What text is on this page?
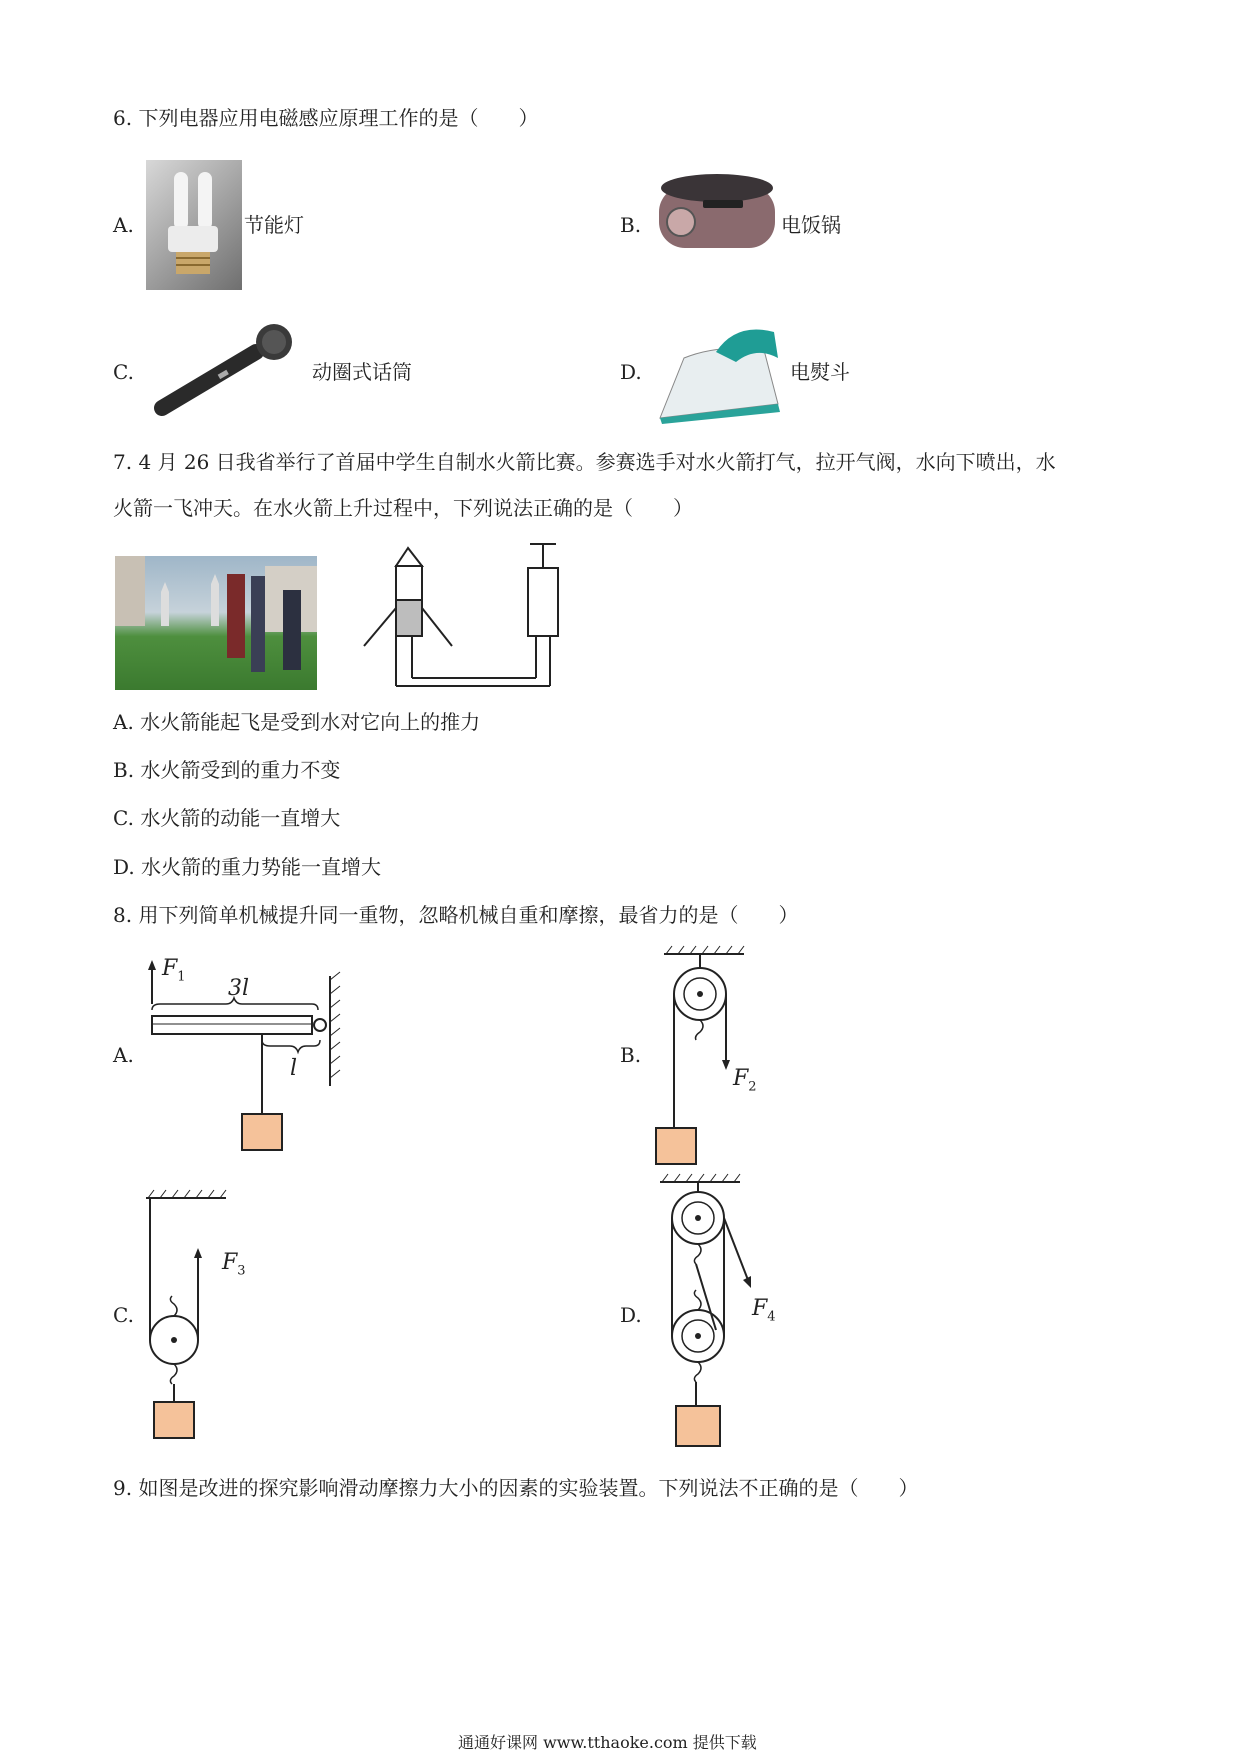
6. 下列电器应用电磁感应原理工作的是（　　）
A.	节能灯	B.	电饭锅
C.	动圈式话筒	D.	电熨斗
7. 4 月 26 日我省举行了首届中学生自制水火箭比赛。参赛选手对水火箭打气，拉开气阀，水向下喷出，水
火箭一飞冲天。在水火箭上升过程中，下列说法正确的是（　　）
A. 水火箭能起飞是受到水对它向上的推力
B. 水火箭受到的重力不变
C. 水火箭的动能一直增大
D. 水火箭的重力势能一直增大
8. 用下列简单机械提升同一重物，忽略机械自重和摩擦，最省力的是（　　）
A.
$F_1$ 3l
l
B.
$F_2$
C.
$F_3$
D.	$F_4$
9. 如图是改进的探究影响滑动摩擦力大小的因素的实验装置。下列说法不正确的是（　　）
通通好课网 www.tthaoke.com 提供下载
